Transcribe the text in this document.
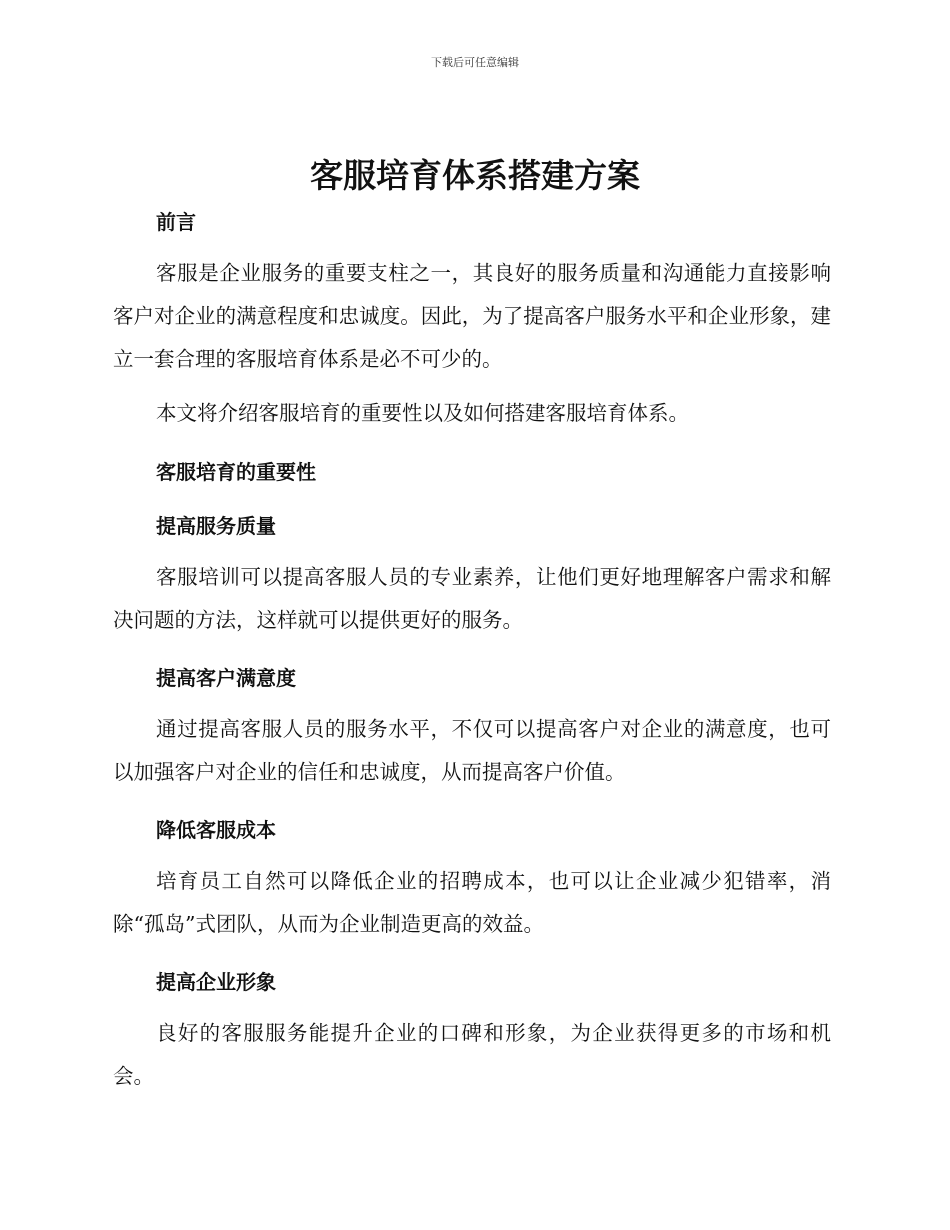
下载后可任意编辑
客服培育体系搭建方案
前言

客服是企业服务的重要支柱之一，其良好的服务质量和沟通能力直接影响客户对企业的满意程度和忠诚度。因此，为了提高客户服务水平和企业形象，建立一套合理的客服培育体系是必不可少的。

本文将介绍客服培育的重要性以及如何搭建客服培育体系。

客服培育的重要性
提高服务质量

客服培训可以提高客服人员的专业素养，让他们更好地理解客户需求和解决问题的方法，这样就可以提供更好的服务。

提高客户满意度

通过提高客服人员的服务水平，不仅可以提高客户对企业的满意度，也可以加强客户对企业的信任和忠诚度，从而提高客户价值。

降低客服成本

培育员工自然可以降低企业的招聘成本，也可以让企业减少犯错率，消除“孤岛”式团队，从而为企业制造更高的效益。

提高企业形象

良好的客服服务能提升企业的口碑和形象，为企业获得更多的市场和机会。
